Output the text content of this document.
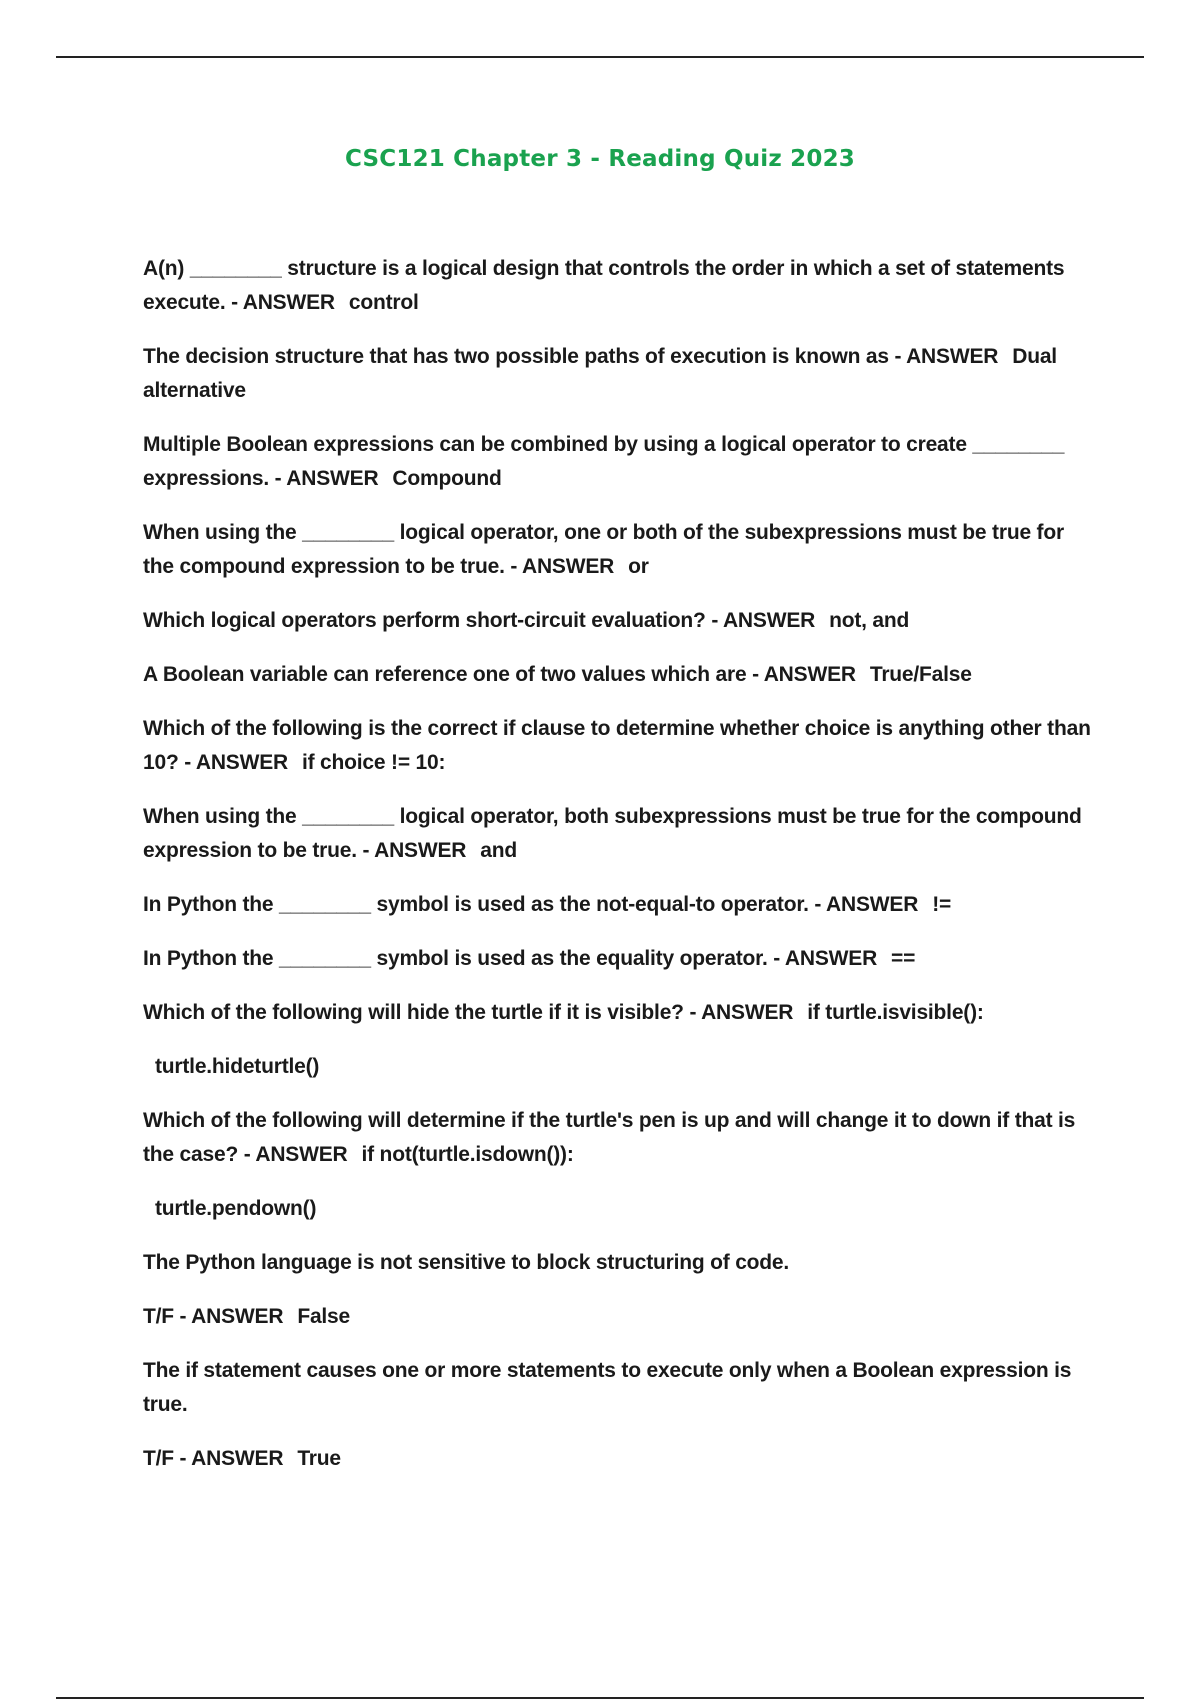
CSC121 Chapter 3 - Reading Quiz 2023

A(n) ________ structure is a logical design that controls the order in which a set of statements execute. - ANSWER control

The decision structure that has two possible paths of execution is known as - ANSWER Dual alternative

Multiple Boolean expressions can be combined by using a logical operator to create ________ expressions. - ANSWER Compound

When using the ________ logical operator, one or both of the subexpressions must be true for the compound expression to be true. - ANSWER or

Which logical operators perform short-circuit evaluation? - ANSWER not, and

A Boolean variable can reference one of two values which are - ANSWER True/False

Which of the following is the correct if clause to determine whether choice is anything other than 10? - ANSWER if choice != 10:

When using the ________ logical operator, both subexpressions must be true for the compound expression to be true. - ANSWER and

In Python the ________ symbol is used as the not-equal-to operator. - ANSWER !=

In Python the ________ symbol is used as the equality operator. - ANSWER ==

Which of the following will hide the turtle if it is visible? - ANSWER if turtle.isvisible():

turtle.hideturtle()

Which of the following will determine if the turtle's pen is up and will change it to down if that is the case? - ANSWER if not(turtle.isdown()):

turtle.pendown()

The Python language is not sensitive to block structuring of code.

T/F - ANSWER False

The if statement causes one or more statements to execute only when a Boolean expression is true.

T/F - ANSWER True
